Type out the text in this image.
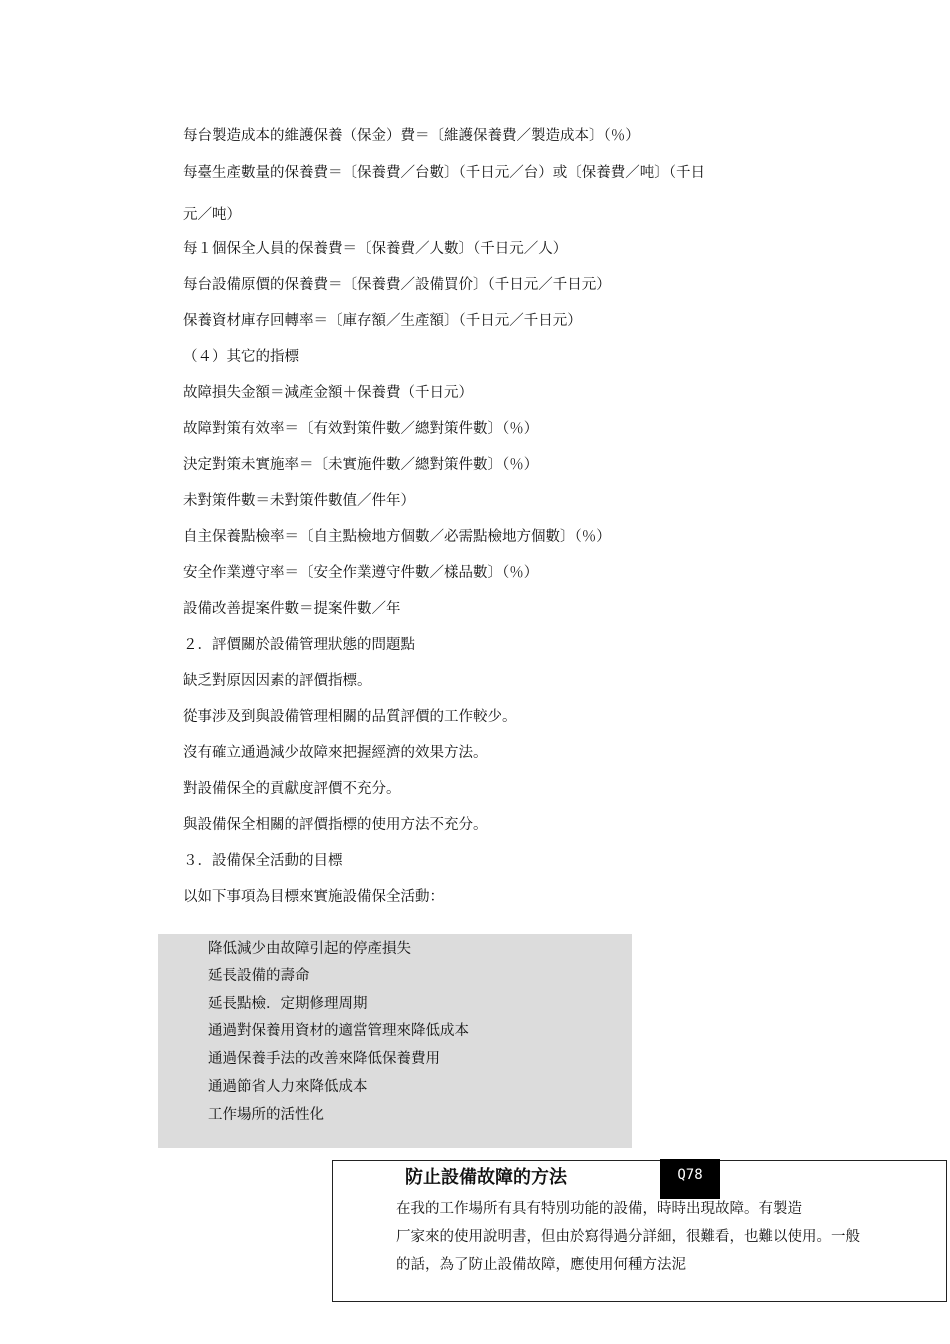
每台製造成本的維護保養（保金）費＝〔維護保養費／製造成本〕（％）
每臺生產數量的保養費＝〔保養費／台數〕（千日元／台）或〔保養費／吨〕（千日
元／吨）
每１個保全人員的保養費＝〔保養費／人數〕（千日元／人）
每台設備原價的保養費＝〔保養費／設備買价〕（千日元／千日元）
保養資材庫存回轉率＝〔庫存額／生產額〕（千日元／千日元）
（４）其它的指標
故障損失金額＝減產金額＋保養費（千日元）
故障對策有效率＝〔有效對策件數／總對策件數〕（％）
決定對策未實施率＝〔未實施件數／總對策件數〕（％）
未對策件數＝未對策件數值／件年）
自主保養點檢率＝〔自主點檢地方個數／必需點檢地方個數〕（％）
安全作業遵守率＝〔安全作業遵守件數／樣品數〕（％）
設備改善提案件數＝提案件數／年
２．評價關於設備管理狀態的問題點
缺乏對原因因素的評價指標。
從事涉及到與設備管理相關的品質評價的工作較少。
沒有確立通過減少故障來把握經濟的效果方法。
對設備保全的貢獻度評價不充分。
與設備保全相關的評價指標的使用方法不充分。
３．設備保全活動的目標
以如下事項為目標來實施設備保全活動：
降低減少由故障引起的停產損失
延長設備的壽命
延長點檢．定期修理周期
通過對保養用資材的適當管理來降低成本
通過保養手法的改善來降低保養費用
通過節省人力來降低成本
工作場所的活性化
防止設備故障的方法	Q78
在我的工作場所有具有特別功能的設備，時時出現故障。有製造
厂家來的使用說明書，但由於寫得過分詳細，很難看，也難以使用。一般
的話，為了防止設備故障，應使用何種方法泥
